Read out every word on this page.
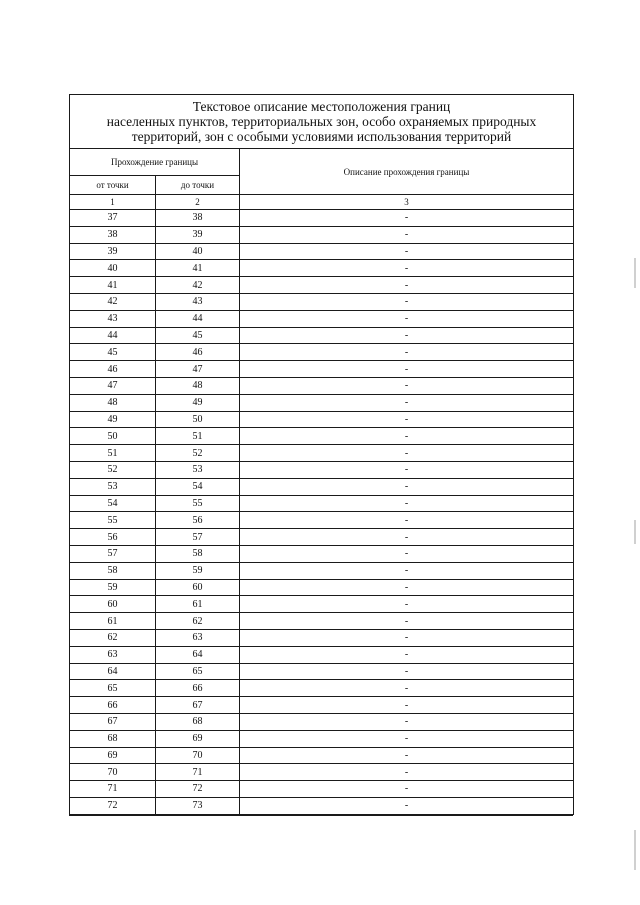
Текстовое описание местоположения границ
населенных пунктов, территориальных зон, особо охраняемых природных
территорий, зон с особыми условиями использования территорий		

Прохождение границы		Описание прохождения границы
от точки	до точки	
1	2	3
37	38	-
38	39	-
39	40	-
40	41	-
41	42	-
42	43	-
43	44	-
44	45	-
45	46	-
46	47	-
47	48	-
48	49	-
49	50	-
50	51	-
51	52	-
52	53	-
53	54	-
54	55	-
55	56	-
56	57	-
57	58	-
58	59	-
59	60	-
60	61	-
61	62	-
62	63	-
63	64	-
64	65	-
65	66	-
66	67	-
67	68	-
68	69	-
69	70	-
70	71	-
71	72	-
72	73	-
